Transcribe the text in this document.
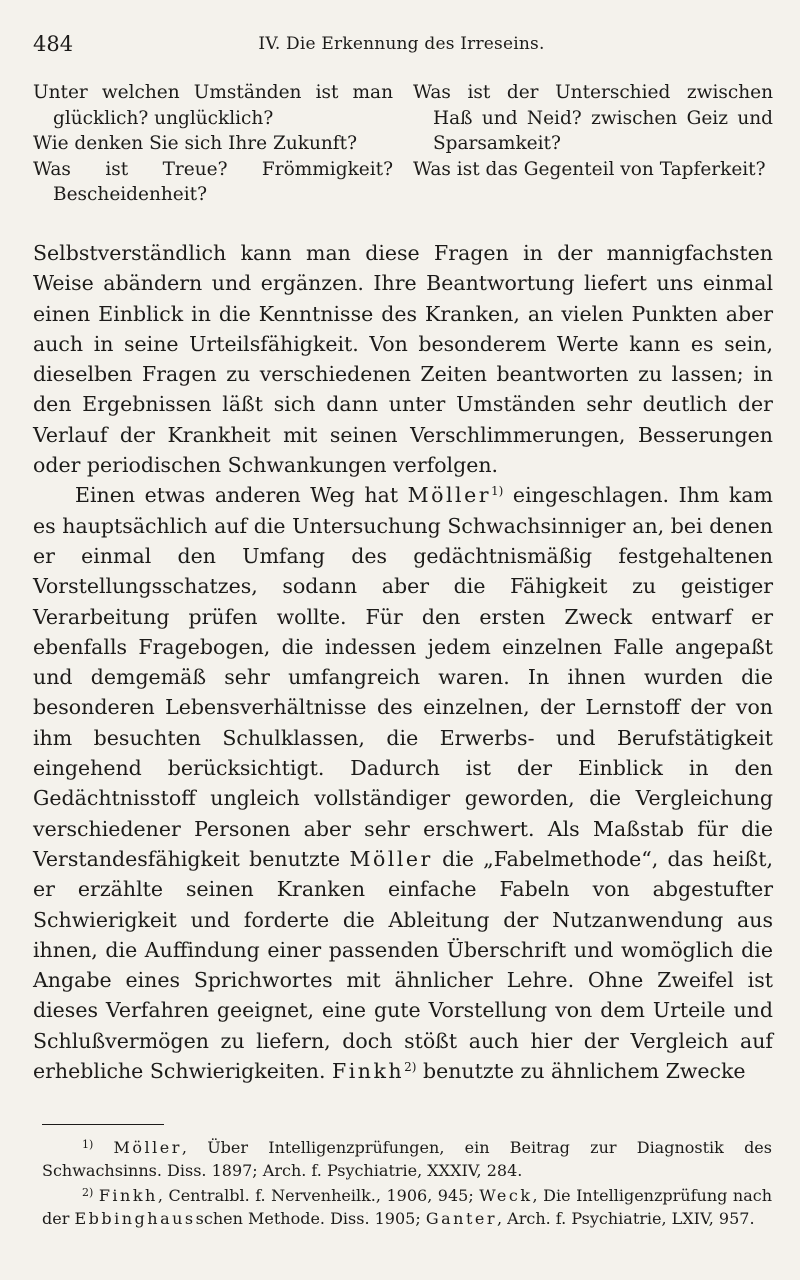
484	IV. Die Erkennung des Irreseins.
Unter welchen Umständen ist man glücklich? unglücklich?
Wie denken Sie sich Ihre Zukunft?
Was ist Treue? Frömmigkeit? Bescheidenheit?
Was ist der Unterschied zwischen Haß und Neid? zwischen Geiz und Sparsamkeit?
Was ist das Gegenteil von Tapferkeit?

Selbstverständlich kann man diese Fragen in der mannigfachsten Weise abändern und ergänzen. Ihre Beantwortung liefert uns einmal einen Einblick in die Kenntnisse des Kranken, an vielen Punkten aber auch in seine Urteilsfähigkeit. Von besonderem Werte kann es sein, dieselben Fragen zu verschiedenen Zeiten beantworten zu lassen; in den Ergebnissen läßt sich dann unter Umständen sehr deutlich der Verlauf der Krankheit mit seinen Verschlimmerungen, Besserungen oder periodischen Schwankungen verfolgen.

Einen etwas anderen Weg hat Möller$^{1)}$ eingeschlagen. Ihm kam es hauptsächlich auf die Untersuchung Schwachsinniger an, bei denen er einmal den Umfang des gedächtnismäßig festgehaltenen Vorstellungsschatzes, sodann aber die Fähigkeit zu geistiger Verarbeitung prüfen wollte. Für den ersten Zweck entwarf er ebenfalls Fragebogen, die indessen jedem einzelnen Falle angepaßt und demgemäß sehr umfangreich waren. In ihnen wurden die besonderen Lebensverhältnisse des einzelnen, der Lernstoff der von ihm besuchten Schulklassen, die Erwerbs- und Berufstätigkeit eingehend berücksichtigt. Dadurch ist der Einblick in den Gedächtnisstoff ungleich vollständiger geworden, die Vergleichung verschiedener Personen aber sehr erschwert. Als Maßstab für die Verstandesfähigkeit benutzte Möller die „Fabelmethode“, das heißt, er erzählte seinen Kranken einfache Fabeln von abgestufter Schwierigkeit und forderte die Ableitung der Nutzanwendung aus ihnen, die Auffindung einer passenden Überschrift und womöglich die Angabe eines Sprichwortes mit ähnlicher Lehre. Ohne Zweifel ist dieses Verfahren geeignet, eine gute Vorstellung von dem Urteile und Schlußvermögen zu liefern, doch stößt auch hier der Vergleich auf erhebliche Schwierigkeiten. Finkh$^{2)}$ benutzte zu ähnlichem Zwecke

$^{1)}$ Möller, Über Intelligenzprüfungen, ein Beitrag zur Diagnostik des Schwachsinns. Diss. 1897; Arch. f. Psychiatrie, XXXIV, 284.

$^{2)}$ Finkh, Centralbl. f. Nervenheilk., 1906, 945; Weck, Die Intelligenzprüfung nach der Ebbinghausschen Methode. Diss. 1905; Ganter, Arch. f. Psychiatrie, LXIV, 957.
